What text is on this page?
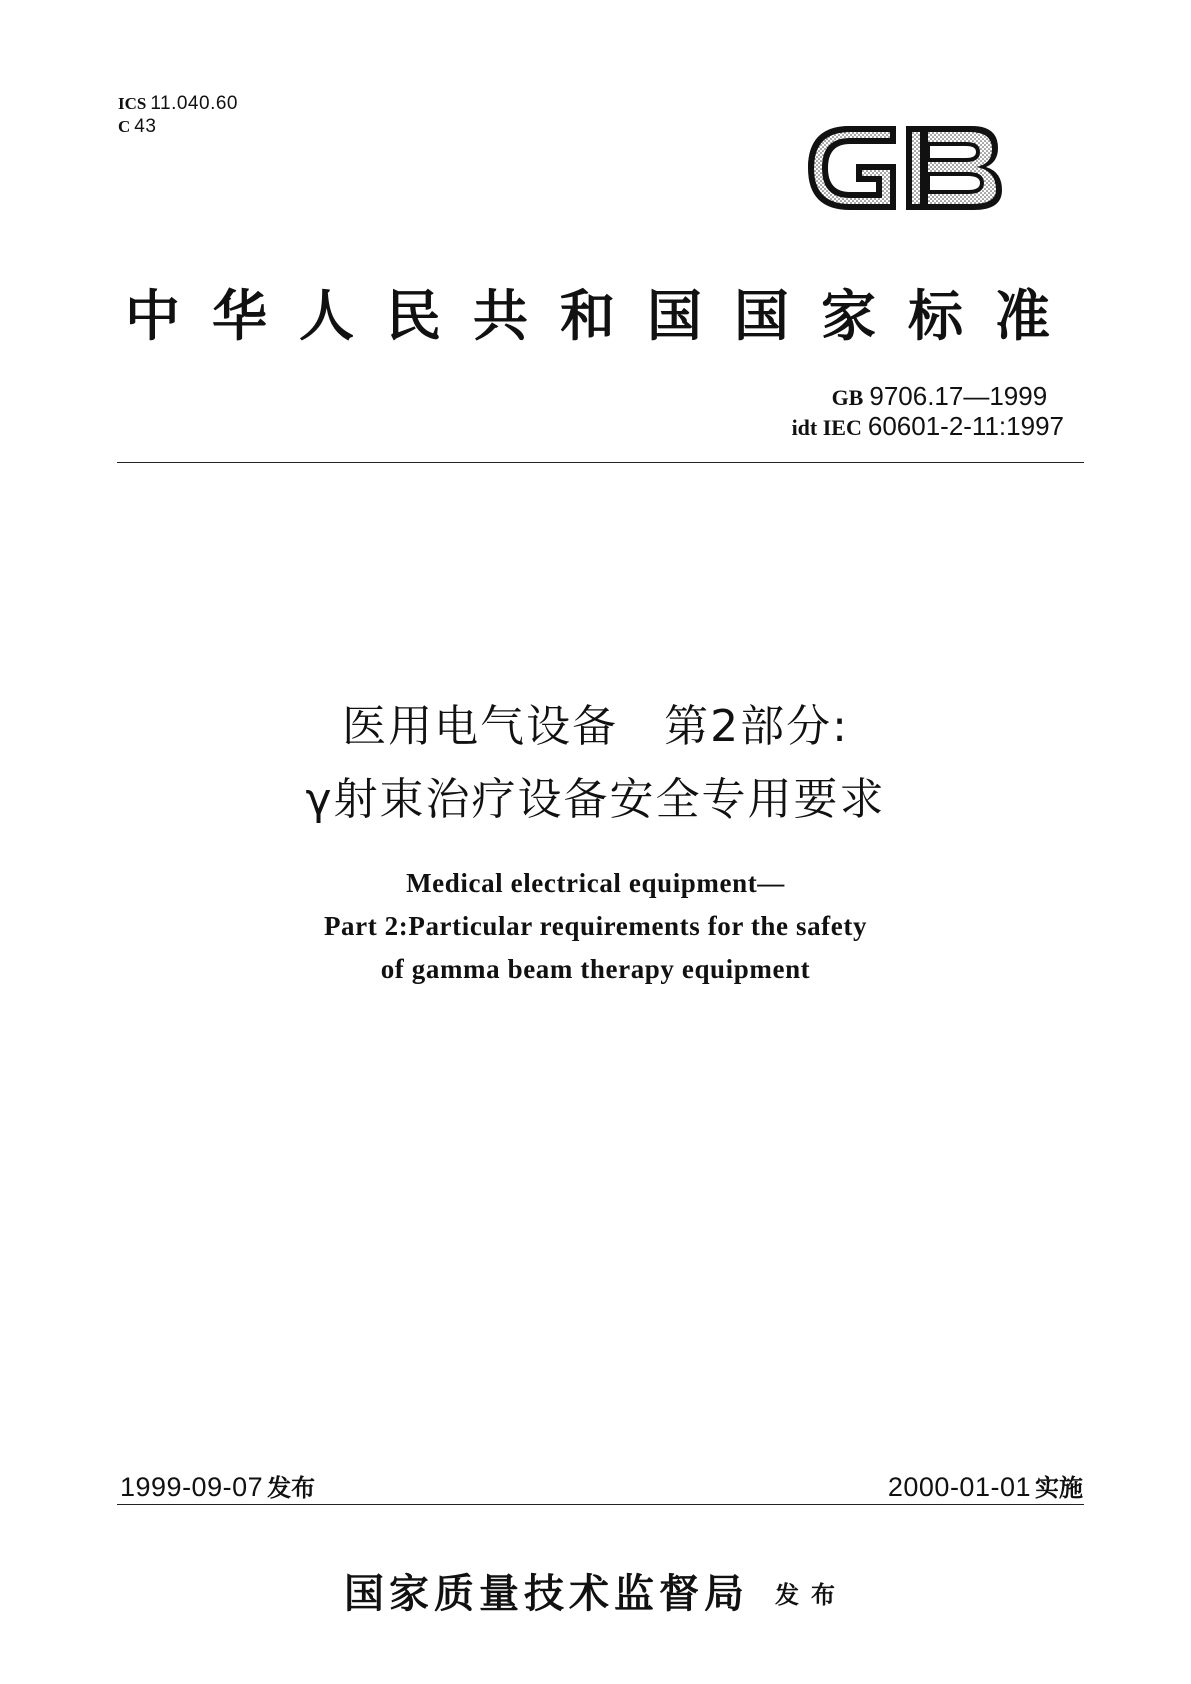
ICS 11.040.60
C 43
中华人民共和国国家标准
GB 9706.17—1999
idt IEC 60601-2-11:1997
医用电气设备　第2部分:
γ射束治疗设备安全专用要求
Medical electrical equipment—
Part 2:Particular requirements for the safety
of gamma beam therapy equipment
1999-09-07 发布	2000-01-01 实施
国家质量技术监督局 发布
